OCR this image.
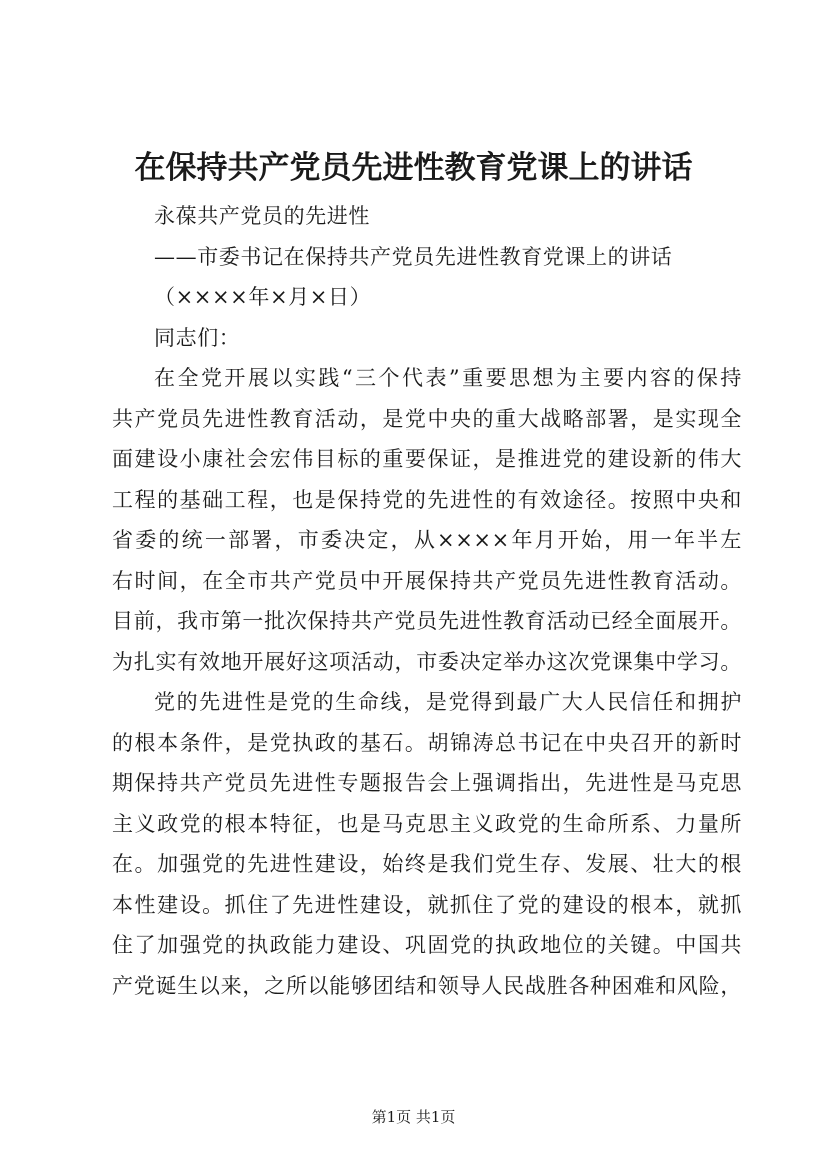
在保持共产党员先进性教育党课上的讲话
永葆共产党员的先进性
——市委书记在保持共产党员先进性教育党课上的讲话
（××××年×月×日）
同志们：
在全党开展以实践“三个代表”重要思想为主要内容的保持
共产党员先进性教育活动，是党中央的重大战略部署，是实现全
面建设小康社会宏伟目标的重要保证，是推进党的建设新的伟大
工程的基础工程，也是保持党的先进性的有效途径。按照中央和
省委的统一部署，市委决定，从××××年月开始，用一年半左
右时间，在全市共产党员中开展保持共产党员先进性教育活动。
目前，我市第一批次保持共产党员先进性教育活动已经全面展开。
为扎实有效地开展好这项活动，市委决定举办这次党课集中学习。
党的先进性是党的生命线，是党得到最广大人民信任和拥护
的根本条件，是党执政的基石。胡锦涛总书记在中央召开的新时
期保持共产党员先进性专题报告会上强调指出，先进性是马克思
主义政党的根本特征，也是马克思主义政党的生命所系、力量所
在。加强党的先进性建设，始终是我们党生存、发展、壮大的根
本性建设。抓住了先进性建设，就抓住了党的建设的根本，就抓
住了加强党的执政能力建设、巩固党的执政地位的关键。中国共
产党诞生以来，之所以能够团结和领导人民战胜各种困难和风险，
第1页 共1页
